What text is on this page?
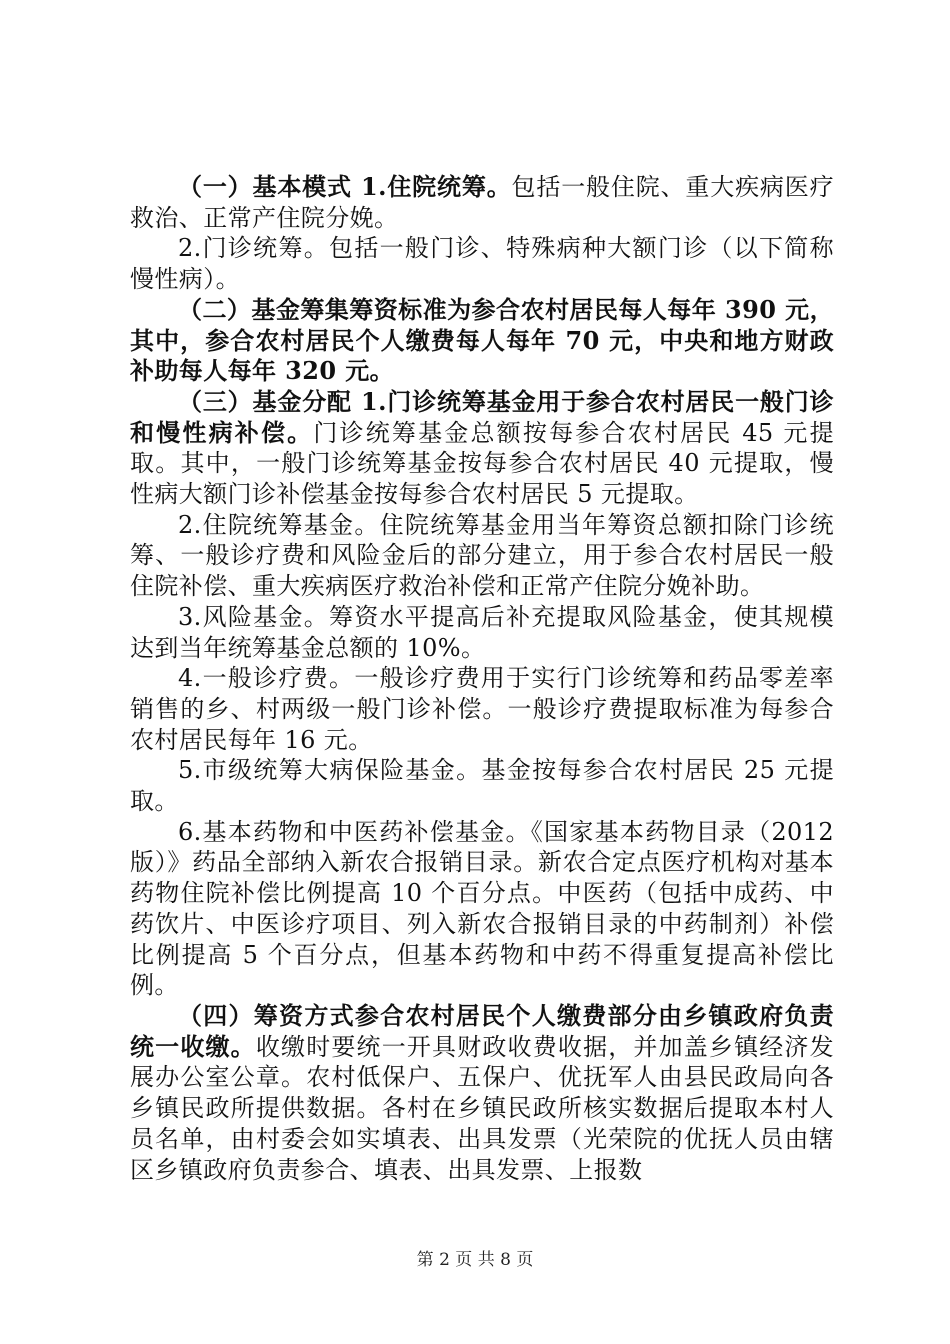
（一）基本模式 1.住院统筹。包括一般住院、重大疾病医疗救治、正常产住院分娩。

2.门诊统筹。包括一般门诊、特殊病种大额门诊（以下简称慢性病）。

（二）基金筹集筹资标准为参合农村居民每人每年 390 元，其中，参合农村居民个人缴费每人每年 70 元，中央和地方财政补助每人每年 320 元。

（三）基金分配 1.门诊统筹基金用于参合农村居民一般门诊和慢性病补偿。门诊统筹基金总额按每参合农村居民 45 元提取。其中，一般门诊统筹基金按每参合农村居民 40 元提取，慢性病大额门诊补偿基金按每参合农村居民 5 元提取。

2.住院统筹基金。住院统筹基金用当年筹资总额扣除门诊统筹、一般诊疗费和风险金后的部分建立，用于参合农村居民一般住院补偿、重大疾病医疗救治补偿和正常产住院分娩补助。

3.风险基金。筹资水平提高后补充提取风险基金，使其规模达到当年统筹基金总额的 10%。

4.一般诊疗费。一般诊疗费用于实行门诊统筹和药品零差率销售的乡、村两级一般门诊补偿。一般诊疗费提取标准为每参合农村居民每年 16 元。

5.市级统筹大病保险基金。基金按每参合农村居民 25 元提取。

6.基本药物和中医药补偿基金。《国家基本药物目录（2012 版）》药品全部纳入新农合报销目录。新农合定点医疗机构对基本药物住院补偿比例提高 10 个百分点。中医药（包括中成药、中药饮片、中医诊疗项目、列入新农合报销目录的中药制剂）补偿比例提高 5 个百分点，但基本药物和中药不得重复提高补偿比例。

（四）筹资方式参合农村居民个人缴费部分由乡镇政府负责统一收缴。收缴时要统一开具财政收费收据，并加盖乡镇经济发展办公室公章。农村低保户、五保户、优抚军人由县民政局向各乡镇民政所提供数据。各村在乡镇民政所核实数据后提取本村人员名单，由村委会如实填表、出具发票（光荣院的优抚人员由辖区乡镇政府负责参合、填表、出具发票、上报数

第 2 页 共 8 页
